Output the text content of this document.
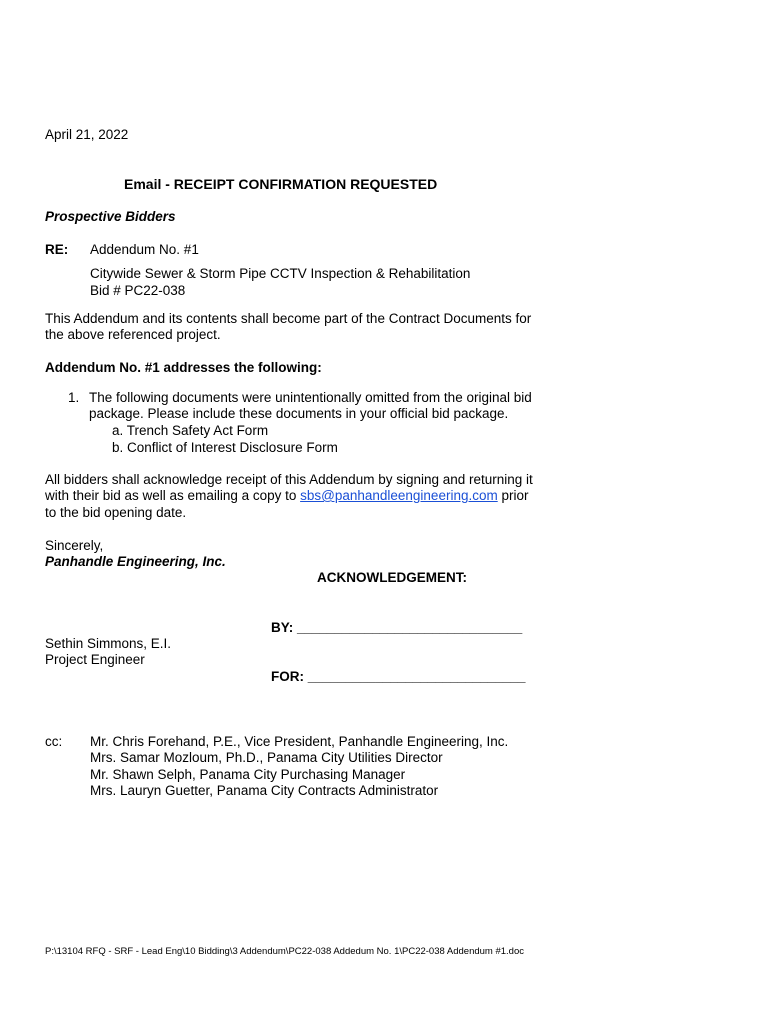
April 21, 2022
Email - RECEIPT CONFIRMATION REQUESTED
Prospective Bidders
RE: Addendum No. #1
Citywide Sewer & Storm Pipe CCTV Inspection & Rehabilitation
Bid # PC22-038
This Addendum and its contents shall become part of the Contract Documents for
the above referenced project.
Addendum No. #1 addresses the following:
1. The following documents were unintentionally omitted from the original bid
package. Please include these documents in your official bid package.
a. Trench Safety Act Form
b. Conflict of Interest Disclosure Form
All bidders shall acknowledge receipt of this Addendum by signing and returning it
with their bid as well as emailing a copy to sbs@panhandleengineering.com prior
to the bid opening date.
Sincerely,
Panhandle Engineering, Inc.
ACKNOWLEDGEMENT:
BY: ______________________________
Sethin Simmons, E.I.
Project Engineer
FOR: _____________________________
cc: Mr. Chris Forehand, P.E., Vice President, Panhandle Engineering, Inc.
Mrs. Samar Mozloum, Ph.D., Panama City Utilities Director
Mr. Shawn Selph, Panama City Purchasing Manager
Mrs. Lauryn Guetter, Panama City Contracts Administrator
P:\13104 RFQ - SRF - Lead Eng\10 Bidding\3 Addendum\PC22-038 Addedum No. 1\PC22-038 Addendum #1.doc
